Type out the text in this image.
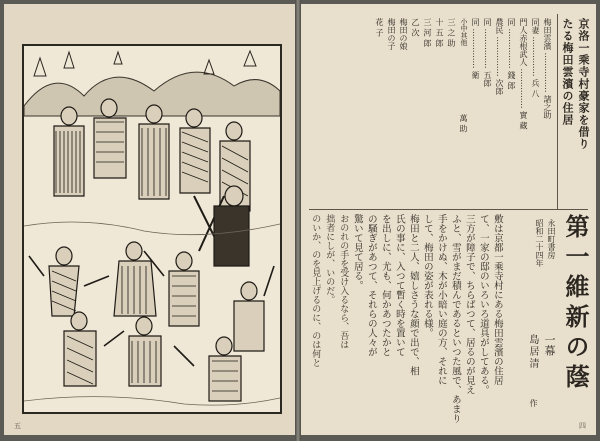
五
京洛一乘寺村豪家を借り
たる梅田雲濱の住居
梅田雲濱 …………… 諸之助
同妻 …………… 兵 八
門人赤根武人 …………… 實 藏
同 …………… 錢 郎
農民 …………… 次郎
同 …………… 五郎
同 …………… 衛
小中其他
萬 助
三 之 助
十 五 郎
三 河 郎
乙 次
梅田の娘
梅田の子
花 子
敷は京都一乘寺村にある梅田雲濱の住居
て、一家の邸のいろいろ道具がしてある。
三方が障子で、ちらばつて、居るのが見え
ふと、雪がまだ積んであるといつた風で、あまり
手をかけぬ、木が小暗い庭の方、それに
して、梅田の姿が表れる様。
梅田と二人、嬉しさうな顔で出で、相
氏の事に、入つて暫く時を置いて
を出しに、尤も、何かあつたかと
の騒ぎがあつて、それらの人々が
驚いて見て居る。	第一維新の蔭
永田町書房
昭和二十四年
一幕
島居清
作
のいか、のを見上げるのに、のは何と 拙者にしが、いのだ。 おのれの手を受け入るなら、吾は
四
